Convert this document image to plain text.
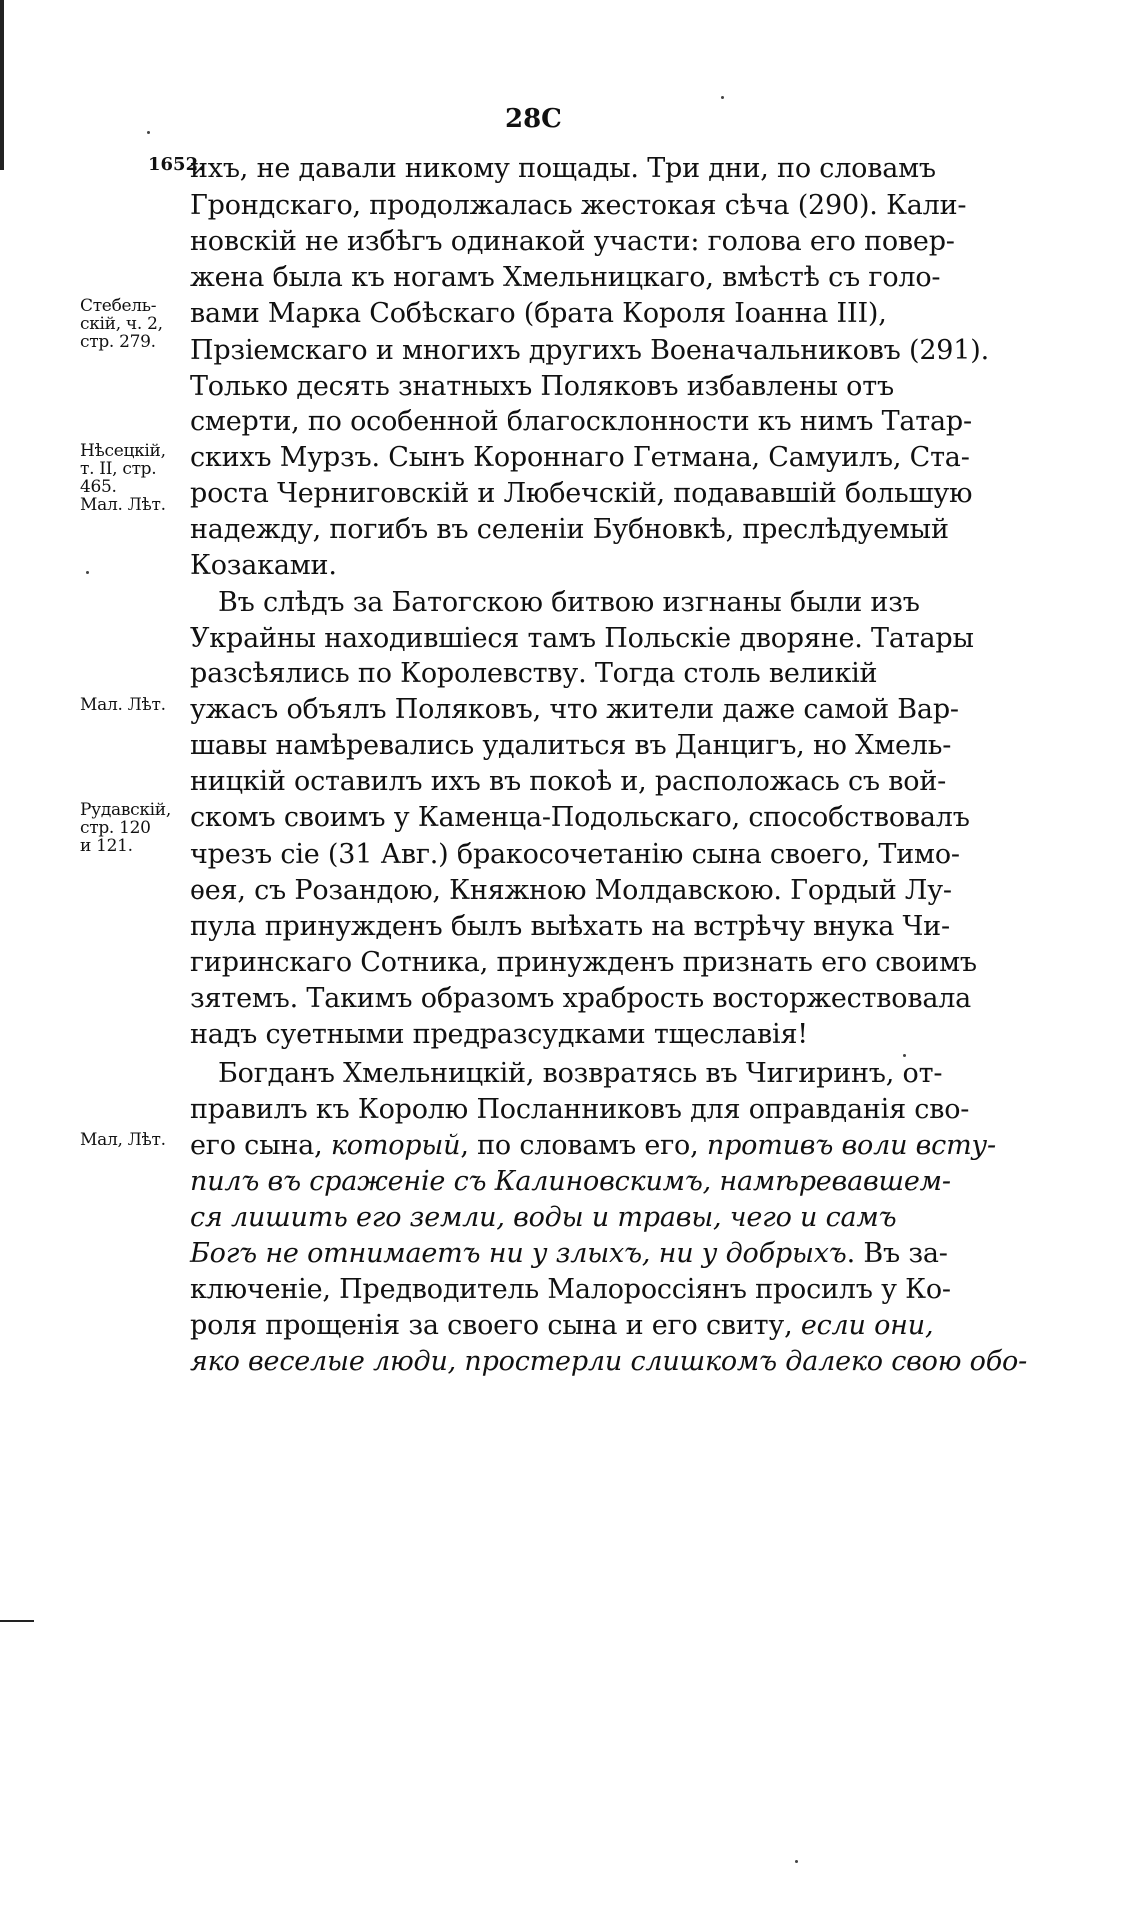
28С
1652.
Стебель-
скій, ч. 2,
стр. 279.
Нѣсецкій,
т. II, стр.
465.
Мал. Лѣт.
Мал. Лѣт.
Рудавскій,
стр. 120
и 121.
Мал, Лѣт.
ихъ, не давали никому пощады. Три дни, по словамъ
Грондскаго, продолжалась жестокая сѣча (290). Кали-
новскій не избѣгъ одинакой участи: голова его повер-
жена была къ ногамъ Хмельницкаго, вмѣстѣ съ голо-
вами Марка Собѣскаго (брата Короля Іоанна III),
Прзіемскаго и многихъ другихъ Военачальниковъ (291).
Только десять знатныхъ Поляковъ избавлены отъ
смерти, по особенной благосклонности къ нимъ Татар-
скихъ Мурзъ. Сынъ Короннаго Гетмана, Самуилъ, Ста-
роста Черниговскій и Любечскій, подававшій большую
надежду, погибъ въ селеніи Бубновкѣ, преслѣдуемый
Козаками.
Въ слѣдъ за Батогскою битвою изгнаны были изъ
Украйны находившіеся тамъ Польскіе дворяне. Татары
разсѣялись по Королевству. Тогда столь великій
ужасъ объялъ Поляковъ, что жители даже самой Вар-
шавы намѣревались удалиться въ Данцигъ, но Хмель-
ницкій оставилъ ихъ въ покоѣ и, расположась съ вой-
скомъ своимъ у Каменца-Подольскаго, способствовалъ
чрезъ сіе (31 Авг.) бракосочетанію сына своего, Тимо-
ѳея, съ Розандою, Княжною Молдавскою. Гордый Лу-
пула принужденъ былъ выѣхать на встрѣчу внука Чи-
гиринскаго Сотника, принужденъ признать его своимъ
зятемъ. Такимъ образомъ храбрость восторжествовала
надъ суетными предразсудками тщеславія!
Богданъ Хмельницкій, возвратясь въ Чигиринъ, от-
правилъ къ Королю Посланниковъ для оправданія сво-
его сына, который, по словамъ его, противъ воли всту-
пилъ въ сраженіе съ Калиновскимъ, намѣревавшем-
ся лишить его земли, воды и травы, чего и самъ
Богъ не отнимаетъ ни у злыхъ, ни у добрыхъ. Въ за-
ключеніе, Предводитель Малороссіянъ просилъ у Ко-
роля прощенія за своего сына и его свиту, если они,
яко веселые люди, простерли слишкомъ далеко свою обо-
